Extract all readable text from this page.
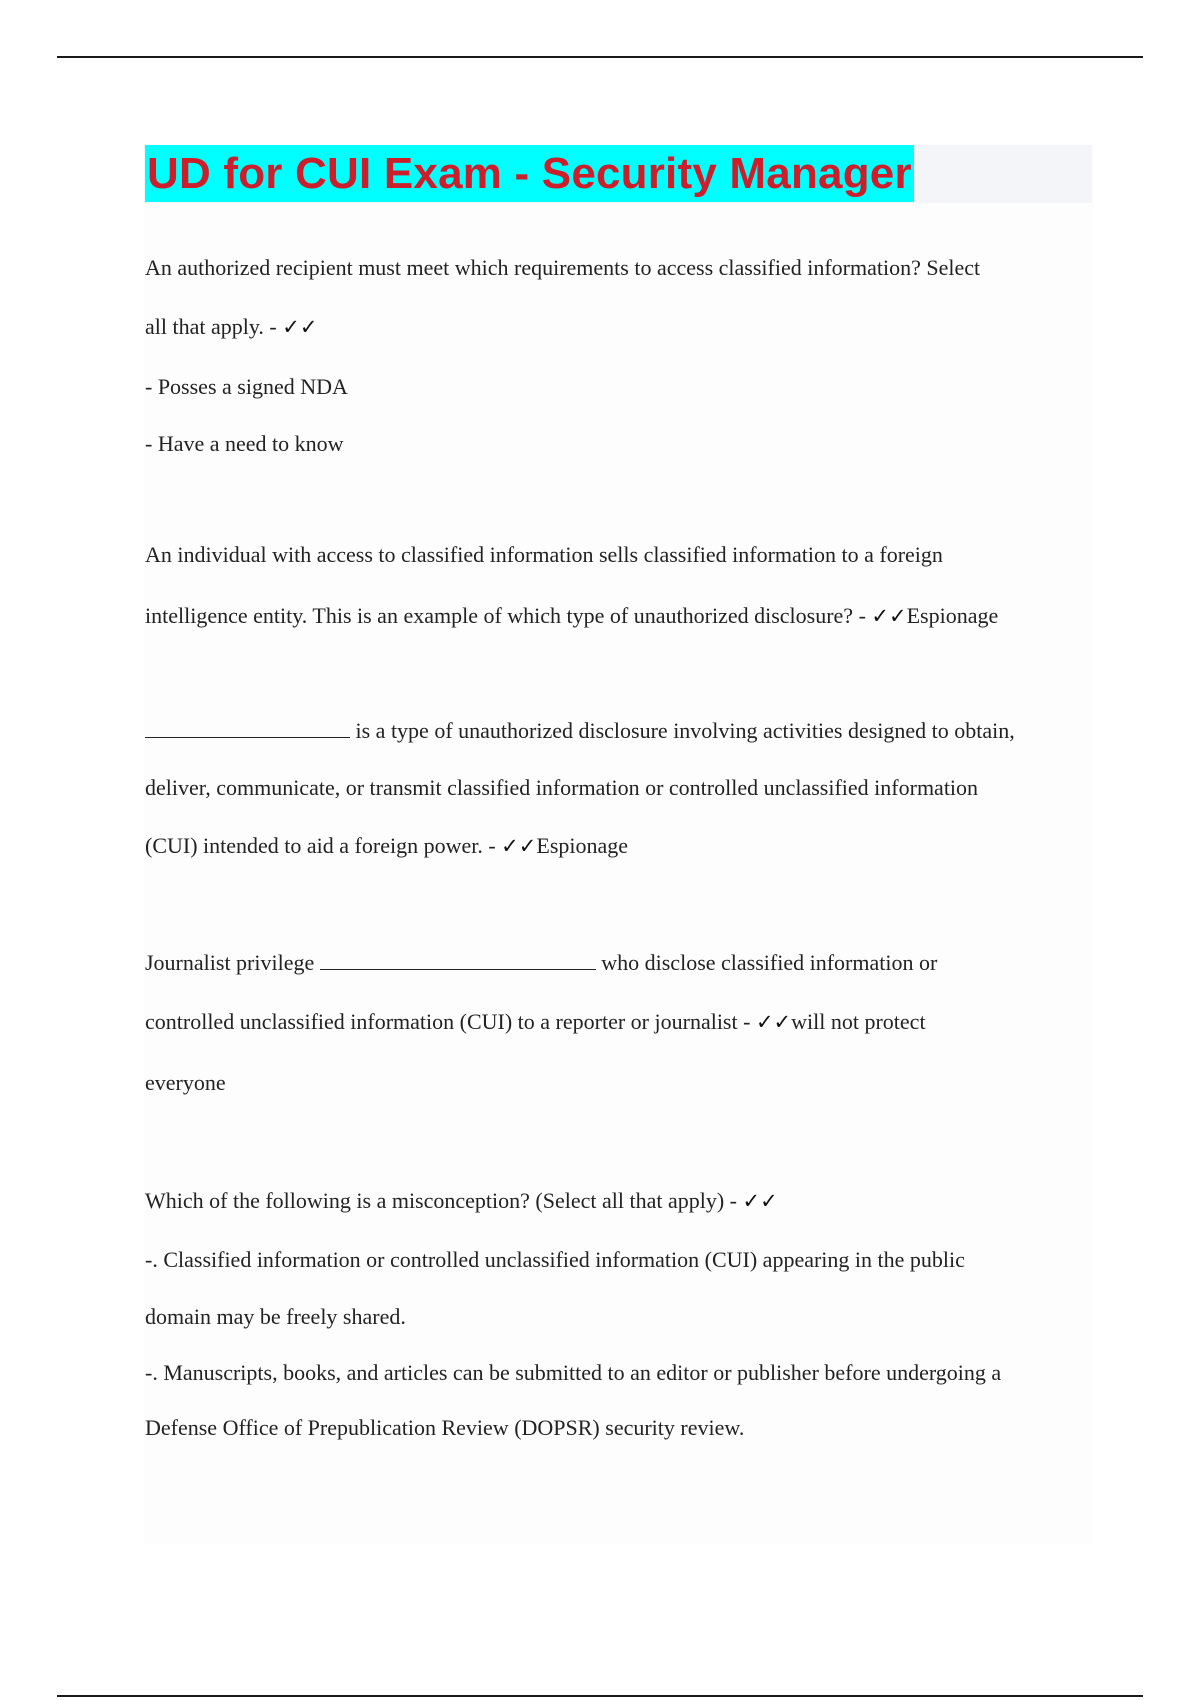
UD for CUI Exam - Security Manager
An authorized recipient must meet which requirements to access classified information? Select
all that apply. - ✓✓
- Posses a signed NDA
- Have a need to know
An individual with access to classified information sells classified information to a foreign
intelligence entity. This is an example of which type of unauthorized disclosure? - ✓✓Espionage
is a type of unauthorized disclosure involving activities designed to obtain,
deliver, communicate, or transmit classified information or controlled unclassified information
(CUI) intended to aid a foreign power. - ✓✓Espionage
Journalist privilege	who disclose classified information or
controlled unclassified information (CUI) to a reporter or journalist - ✓✓will not protect
everyone
Which of the following is a misconception? (Select all that apply) - ✓✓
-. Classified information or controlled unclassified information (CUI) appearing in the public
domain may be freely shared.
-. Manuscripts, books, and articles can be submitted to an editor or publisher before undergoing a
Defense Office of Prepublication Review (DOPSR) security review.
